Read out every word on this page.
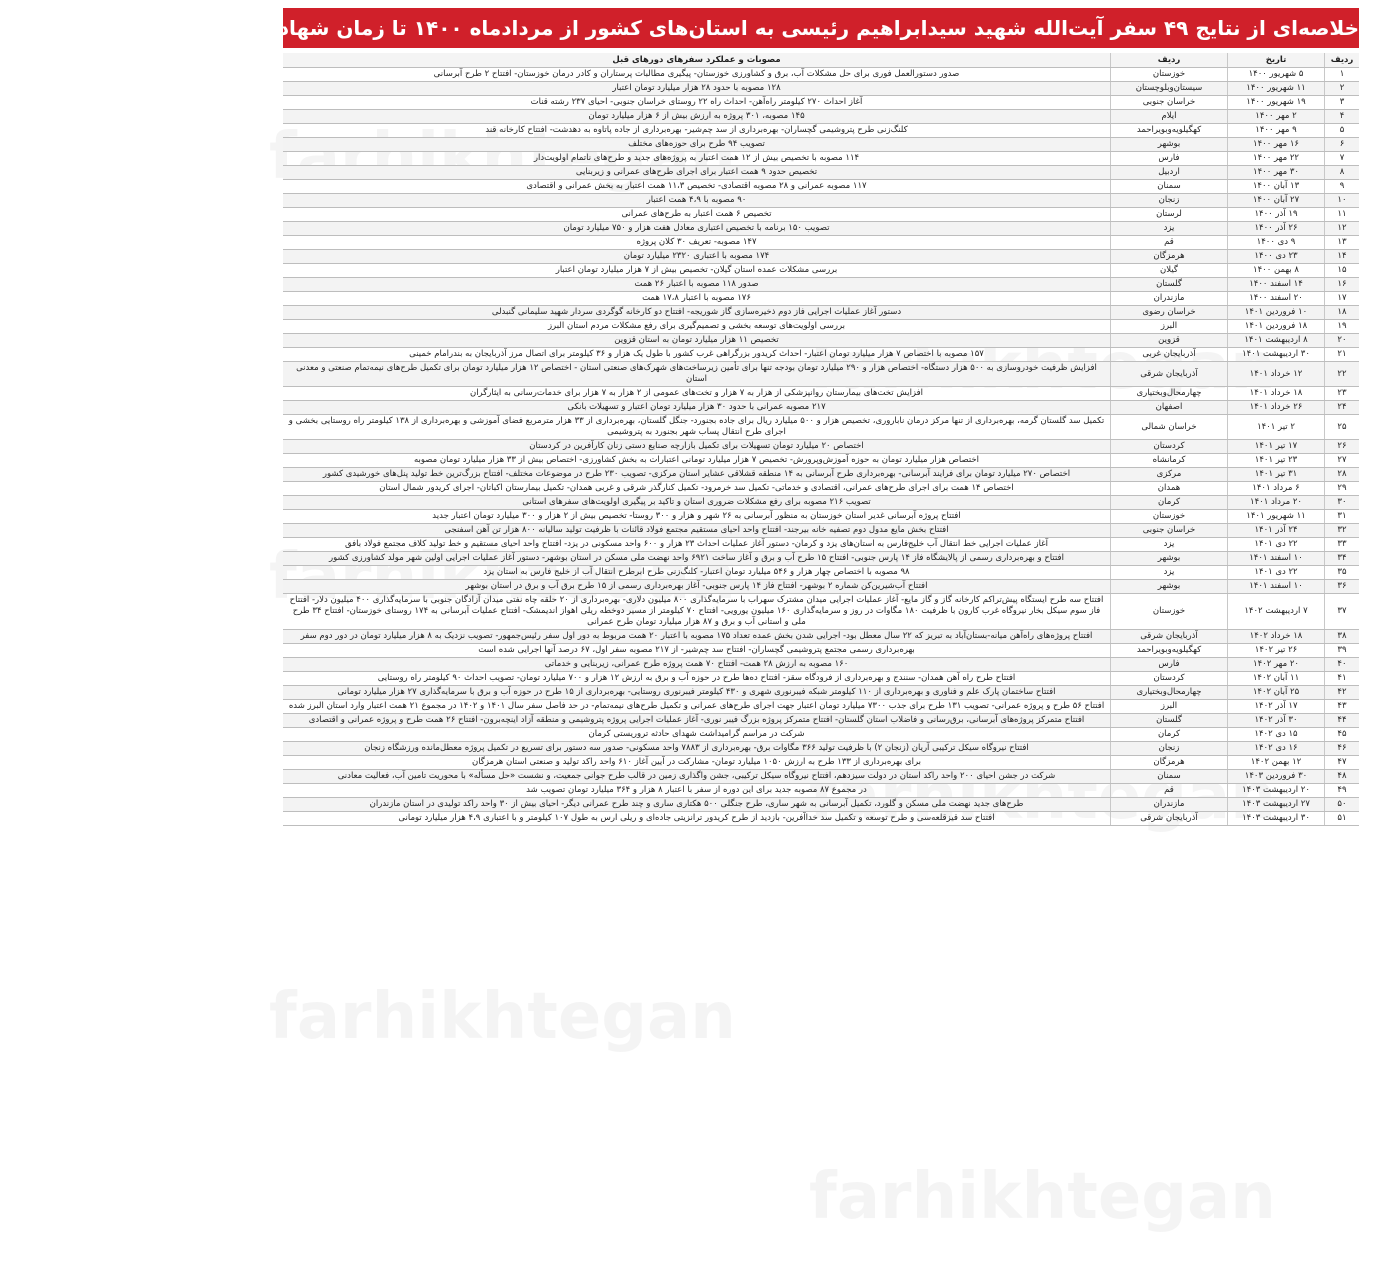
خلاصه‌ای از نتایج ۴۹ سفر آیت‌الله شهید سیدابراهیم رئیسی به استان‌های کشور از مردادماه ۱۴۰۰ تا زمان شهادت در انتهای اردیبهشت ۱۴۰۳
ردیف	تاریخ	ردیف	مصوبات و عملکرد سفرهای دورهای قبل
۱	۵ شهریور ۱۴۰۰	خوزستان	صدور دستورالعمل فوری برای حل مشکلات آب، برق و کشاورزی خوزستان- پیگیری مطالبات پرستاران و کادر درمان خوزستان- افتتاح ۲ طرح آبرسانی
۲	۱۱ شهریور ۱۴۰۰	سیستان‌وبلوچستان	۱۲۸ مصوبه با حدود ۲۸ هزار میلیارد تومان اعتبار
۳	۱۹ شهریور ۱۴۰۰	خراسان جنوبی	آغاز احداث ۲۷۰ کیلومتر راه‌آهن- احداث راه ۲۲ روستای خراسان جنوبی- احیای ۲۳۷ رشته قنات
۴	۲ مهر ۱۴۰۰	ایلام	۱۴۵ مصوبه، ۳۰۱ پروژه به ارزش بیش از ۶ هزار میلیارد تومان
۵	۹ مهر ۱۴۰۰	کهگیلویه‌وبویراحمد	کلنگ‌زنی طرح پتروشیمی گچساران- بهره‌برداری از سد چم‌شیر- بهره‌برداری از جاده پاتاوه به دهدشت- افتتاح کارخانه قند
۶	۱۶ مهر ۱۴۰۰	بوشهر	تصویب ۹۴ طرح برای حوزه‌های مختلف
۷	۲۲ مهر ۱۴۰۰	فارس	۱۱۴ مصوبه با تخصیص بیش از ۱۲ همت اعتبار به پروژه‌های جدید و طرح‌های ناتمام اولویت‌دار
۸	۳۰ مهر ۱۴۰۰	اردبیل	تخصیص حدود ۹ همت اعتبار برای اجرای طرح‌های عمرانی و زیربنایی
۹	۱۳ آبان ۱۴۰۰	سمنان	۱۱۷ مصوبه عمرانی و ۲۸ مصوبه اقتصادی- تخصیص ۱۱،۳ همت اعتبار به بخش عمرانی و اقتصادی
۱۰	۲۷ آبان ۱۴۰۰	زنجان	۹۰ مصوبه با ۴،۹ همت اعتبار
۱۱	۱۹ آذر ۱۴۰۰	لرستان	تخصیص ۶ همت اعتبار به طرح‌های عمرانی
۱۲	۲۶ آذر ۱۴۰۰	یزد	تصویب ۱۵۰ برنامه با تخصیص اعتباری معادل هفت هزار و ۷۵۰ میلیارد تومان
۱۳	۹ دی ۱۴۰۰	قم	۱۴۷ مصوبه- تعریف ۳۰ کلان پروژه
۱۴	۲۳ دی ۱۴۰۰	هرمزگان	۱۷۴ مصوبه با اعتباری ۲۳۲۰ میلیارد تومان
۱۵	۸ بهمن ۱۴۰۰	گیلان	بررسی مشکلات عمده استان گیلان- تخصیص بیش از ۷ هزار میلیارد تومان اعتبار
۱۶	۱۴ اسفند ۱۴۰۰	گلستان	صدور ۱۱۸ مصوبه با اعتبار ۲۶ همت
۱۷	۲۰ اسفند ۱۴۰۰	مازندران	۱۷۶ مصوبه با اعتبار ۱۷،۸ همت
۱۸	۱۰ فروردین ۱۴۰۱	خراسان رضوی	دستور آغاز عملیات اجرایی فاز دوم ذخیره‌سازی گاز شوریجه- افتتاح دو کارخانه گوگردی سردار شهید سلیمانی گنبدلی
۱۹	۱۸ فروردین ۱۴۰۱	البرز	بررسی اولویت‌های توسعه بخشی و تصمیم‌گیری برای رفع مشکلات مردم استان البرز
۲۰	۸ اردیبهشت ۱۴۰۱	قزوین	تخصیص ۱۱ هزار میلیارد تومان به استان قزوین
۲۱	۳۰ اردیبهشت ۱۴۰۱	آذربایجان غربی	۱۵۷ مصوبه با اختصاص ۷ هزار میلیارد تومان اعتبار- احداث کریدور بزرگراهی غرب کشور با طول یک هزار و ۳۶ کیلومتر برای اتصال مرز آذربایجان به بندرامام خمینی
۲۲	۱۲ خرداد ۱۴۰۱	آذربایجان شرقی	افزایش ظرفیت خودروسازی به ۵۰۰ هزار دستگاه- اختصاص هزار و ۲۹۰ میلیارد تومان بودجه تنها برای تأمین زیرساخت‌های شهرک‌های صنعتی استان - اختصاص ۱۲ هزار میلیارد تومان برای تکمیل طرح‌های نیمه‌تمام صنعتی و معدنی استان
۲۳	۱۸ خرداد ۱۴۰۱	چهارمحال‌وبختیاری	افزایش تخت‌های بیمارستان روانپزشکی از هزار به ۷ هزار و تخت‌های عمومی از ۲ هزار به ۷ هزار برای خدمات‌رسانی به ایثارگران
۲۴	۲۶ خرداد ۱۴۰۱	اصفهان	۲۱۷ مصوبه عمرانی با حدود ۳۰ هزار میلیارد تومان اعتبار و تسهیلات بانکی
۲۵	۲ تیر ۱۴۰۱	خراسان شمالی	تکمیل سد گلستان گرمه، بهره‌برداری از تنها مرکز درمان ناباروری، تخصیص هزار و ۵۰۰ میلیارد ریال برای جاده بجنورد- جنگل گلستان، بهره‌برداری از ۳۳ هزار مترمربع فضای آموزشی و بهره‌برداری از ۱۳۸ کیلومتر راه روستایی بخشی و اجرای طرح انتقال پساب شهر بجنورد به پتروشیمی
۲۶	۱۷ تیر ۱۴۰۱	کردستان	اختصاص ۲۰ میلیارد تومان تسهیلات برای تکمیل بازارچه صنایع دستی زنان کارآفرین در کردستان
۲۷	۲۳ تیر ۱۴۰۱	کرمانشاه	اختصاص هزار میلیارد تومان به حوزه آموزش‌وپرورش- تخصیص ۷ هزار میلیارد تومانی اعتبارات به بخش کشاورزی- اختصاص بیش از ۳۳ هزار میلیارد تومان مصوبه
۲۸	۳۱ تیر ۱۴۰۱	مرکزی	اختصاص ۲۷۰ میلیارد تومان برای فرایند آبرسانی- بهره‌برداری طرح آبرسانی به ۱۴ منطقه قشلاقی عشایر استان مرکزی- تصویب ۲۳۰ طرح در موضوعات مختلف- افتتاح بزرگ‌ترین خط تولید پنل‌های خورشیدی کشور
۲۹	۶ مرداد ۱۴۰۱	همدان	اختصاص ۱۴ همت برای اجرای طرح‌های عمرانی، اقتصادی و خدماتی- تکمیل سد خرمرود- تکمیل کنارگذر شرقی و غربی همدان- تکمیل بیمارستان اکباتان- اجرای کریدور شمال استان
۳۰	۲۰ مرداد ۱۴۰۱	کرمان	تصویب ۲۱۶ مصوبه برای رفع مشکلات ضروری استان و تاکید بر پیگیری اولویت‌های سفرهای استانی
۳۱	۱۱ شهریور ۱۴۰۱	خوزستان	افتتاح پروژه آبرسانی غدیر استان خوزستان به منظور آبرسانی به ۲۶ شهر و هزار و ۳۰۰ روستا- تخصیص بیش از ۲ هزار و ۳۰۰ میلیارد تومان اعتبار جدید
۳۲	۲۴ آذر ۱۴۰۱	خراسان جنوبی	افتتاح بخش مایع مدول دوم تصفیه خانه بیرجند- افتتاح واحد احیای مستقیم مجتمع فولاد قائنات با ظرفیت تولید سالیانه ۸۰۰ هزار تن آهن اسفنجی
۳۳	۲۲ دی ۱۴۰۱	یزد	آغاز عملیات اجرایی خط انتقال آب خلیج‌فارس به استان‌های یزد و کرمان- دستور آغاز عملیات احداث ۲۳ هزار و ۶۰۰ واحد مسکونی در یزد- افتتاح واحد احیای مستقیم و خط تولید کلاف مجتمع فولاد بافق
۳۴	۱۰ اسفند ۱۴۰۱	بوشهر	افتتاح و بهره‌برداری رسمی از پالایشگاه فاز ۱۴ پارس جنوبی- افتتاح ۱۵ طرح آب و برق و آغاز ساخت ۶۹۲۱ واحد نهضت ملی مسکن در استان بوشهر- دستور آغاز عملیات اجرایی اولین شهر مولد کشاورزی کشور
۳۵	۲۲ دی ۱۴۰۱	یزد	۹۸ مصوبه با اختصاص چهار هزار و ۵۴۶ میلیارد تومان اعتبار- کلنگ‌زنی طرح ابرطرح انتقال آب از خلیج فارس به استان یزد
۳۶	۱۰ اسفند ۱۴۰۱	بوشهر	افتتاح آب‌شیرین‌کن شماره ۲ بوشهر- افتتاح فاز ۱۴ پارس جنوبی- آغاز بهره‌برداری رسمی از ۱۵ طرح برق آب و برق در استان بوشهر
۳۷	۷ اردیبهشت ۱۴۰۲	خوزستان	افتتاح سه طرح ایستگاه پیش‌تراکم کارخانه گاز و گاز مایع- آغاز عملیات اجرایی میدان مشترک سهراب با سرمایه‌گذاری ۸۰۰ میلیون دلاری- بهره‌برداری از ۲۰ حلقه چاه نفتی میدان آزادگان جنوبی با سرمایه‌گذاری ۴۰۰ میلیون دلار- افتتاح فاز سوم سیکل بخار نیروگاه غرب کارون با ظرفیت ۱۸۰ مگاوات در روز و سرمایه‌گذاری ۱۶۰ میلیون یورویی- افتتاح ۷۰ کیلومتر از مسیر دوخطه ریلی اهواز اندیمشک- افتتاح عملیات آبرسانی به ۱۷۴ روستای خوزستان- افتتاح ۳۴ طرح ملی و استانی آب و برق و ۸۷ هزار میلیارد تومان طرح عمرانی
۳۸	۱۸ خرداد ۱۴۰۲	آذربایجان شرقی	افتتاح پروژه‌های راه‌آهن میانه-بستان‌آباد به تبریز که ۲۲ سال معطل بود- اجرایی شدن بخش عمده تعداد ۱۷۵ مصوبه با اعتبار ۲۰ همت مربوط به دور اول سفر رئیس‌جمهور- تصویب نزدیک به ۸ هزار میلیارد تومان در دور دوم سفر
۳۹	۲۶ تیر ۱۴۰۲	کهگیلویه‌وبویراحمد	بهره‌برداری رسمی مجتمع پتروشیمی گچساران- افتتاح سد چم‌شیر- از ۲۱۷ مصوبه سفر اول، ۶۷ درصد آنها اجرایی شده است
۴۰	۲۰ مهر ۱۴۰۲	فارس	۱۶۰ مصوبه به ارزش ۲۸ همت- افتتاح ۷۰ همت پروژه طرح عمرانی، زیربنایی و خدماتی
۴۱	۱۱ آبان ۱۴۰۲	کردستان	افتتاح طرح راه آهن همدان- سنندج و بهره‌برداری از فرودگاه سقز- افتتاح ده‌ها طرح در حوزه آب و برق به ارزش ۱۲ هزار و ۷۰۰ میلیارد تومان- تصویب احداث ۹۰ کیلومتر راه روستایی
۴۲	۲۵ آبان ۱۴۰۲	چهارمحال‌وبختیاری	افتتاح ساختمان پارک علم و فناوری و بهره‌برداری از ۱۱۰ کیلومتر شبکه فیبرنوری شهری و ۴۳۰ کیلومتر فیبرنوری روستایی- بهره‌برداری از ۱۵ طرح در حوزه آب و برق با سرمایه‌گذاری ۲۷ هزار میلیارد تومانی
۴۳	۱۷ آذر ۱۴۰۲	البرز	افتتاح ۵۶ طرح و پروژه عمرانی- تصویب ۱۳۱ طرح برای جذب ۷۳۰۰ میلیارد تومان اعتبار جهت اجرای طرح‌های عمرانی و تکمیل طرح‌های نیمه‌تمام- در حد فاصل سفر سال ۱۴۰۱ و ۱۴۰۲ در مجموع ۲۱ همت اعتبار وارد استان البرز شده
۴۴	۳۰ آذر ۱۴۰۲	گلستان	افتتاح متمرکز پروژه‌های آبرسانی، برق‌رسانی و فاضلاب استان گلستان- افتتاح متمرکز پروژه بزرگ فیبر نوری- آغاز عملیات اجرایی پروژه پتروشیمی و منطقه آزاد اینچه‌برون- افتتاح ۲۶ همت طرح و پروژه عمرانی و اقتصادی
۴۵	۱۵ دی ۱۴۰۲	کرمان	شرکت در مراسم گرامیداشت شهدای حادثه تروریستی کرمان
۴۶	۱۶ دی ۱۴۰۲	زنجان	افتتاح نیروگاه سیکل ترکیبی آریان (زنجان ۲) با ظرفیت تولید ۳۶۶ مگاوات برق- بهره‌برداری از ۷۸۸۳ واحد مسکونی- صدور سه دستور برای تسریع در تکمیل پروژه معطل‌مانده ورزشگاه زنجان
۴۷	۱۲ بهمن ۱۴۰۲	هرمزگان	برای بهره‌برداری از ۱۳۳ طرح به ارزش ۱۰۵۰ میلیارد تومان- مشارکت در آیین آغاز ۶۱۰ واحد راکد تولید و صنعتی استان هرمزگان
۴۸	۳۰ فروردین ۱۴۰۳	سمنان	شرکت در جشن احیای ۲۰۰ واحد راکد استان در دولت سیزدهم، افتتاح نیروگاه سیکل ترکیبی، جشن واگذاری زمین در قالب طرح جوانی جمعیت، و نشست «حل مسأله» با محوریت تامین آب، فعالیت معادنی
۴۹	۲۰ اردیبهشت ۱۴۰۳	قم	در مجموع ۸۷ مصوبه جدید برای این دوره از سفر با اعتبار ۸ هزار و ۳۶۴ میلیارد تومان تصویب شد
۵۰	۲۷ اردیبهشت ۱۴۰۳	مازندران	طرح‌های جدید نهضت ملی مسکن و گلورد، تکمیل آبرسانی به شهر ساری، طرح جنگلی ۵۰۰ هکتاری ساری و چند طرح عمرانی دیگر- احیای بیش از ۳۰ واحد راکد تولیدی در استان مازندران
۵۱	۳۰ اردیبهشت ۱۴۰۳	آذربایجان شرقی	افتتاح سد قیزقلعه‌سی و طرح توسعه و تکمیل سد خداآفرین- بازدید از طرح کریدور ترانزیتی جاده‌ای و ریلی ارس به طول ۱۰۷ کیلومتر و با اعتباری ۴،۹ هزار میلیارد تومانی
